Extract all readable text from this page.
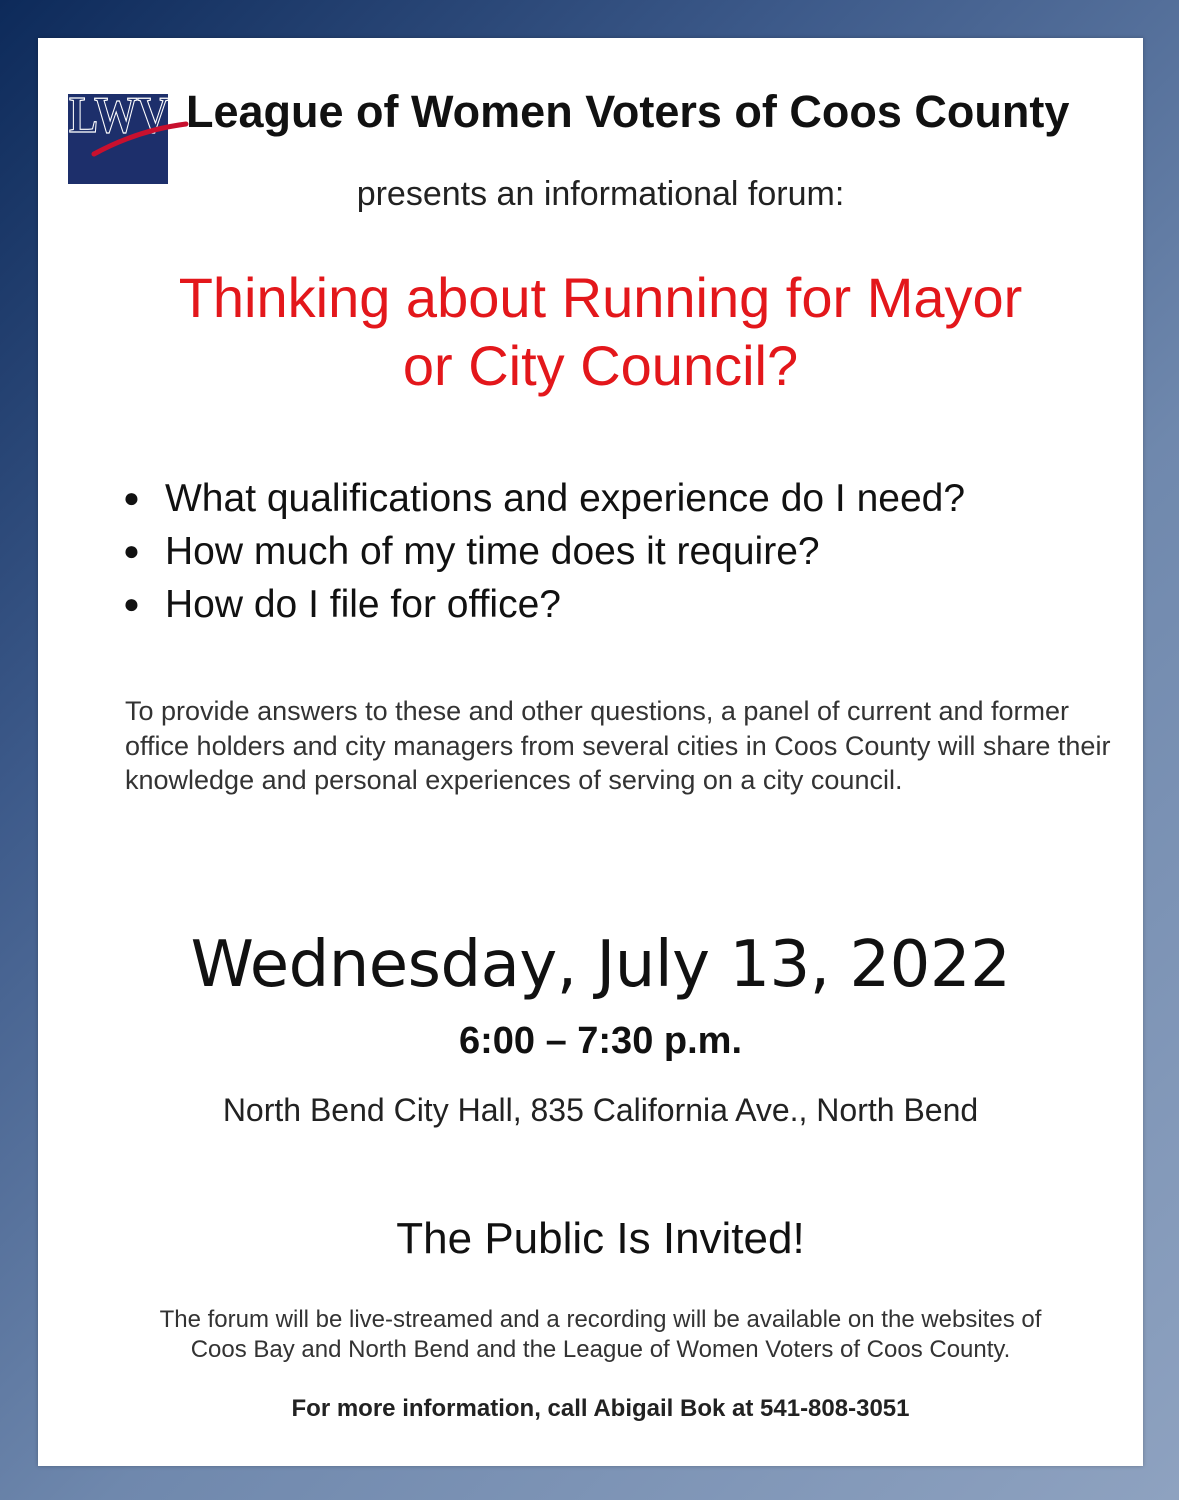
LWV League of Women Voters of Coos County
presents an informational forum:
Thinking about Running for Mayor
or City Council?
● What qualifications and experience do I need?
● How much of my time does it require?
● How do I file for office?
To provide answers to these and other questions, a panel of current and former office holders and city managers from several cities in Coos County will share their knowledge and personal experiences of serving on a city council.
Wednesday, July 13, 2022
6:00 – 7:30 p.m.
North Bend City Hall, 835 California Ave., North Bend
The Public Is Invited!
The forum will be live-streamed and a recording will be available on the websites of
Coos Bay and North Bend and the League of Women Voters of Coos County.
For more information, call Abigail Bok at 541-808-3051
